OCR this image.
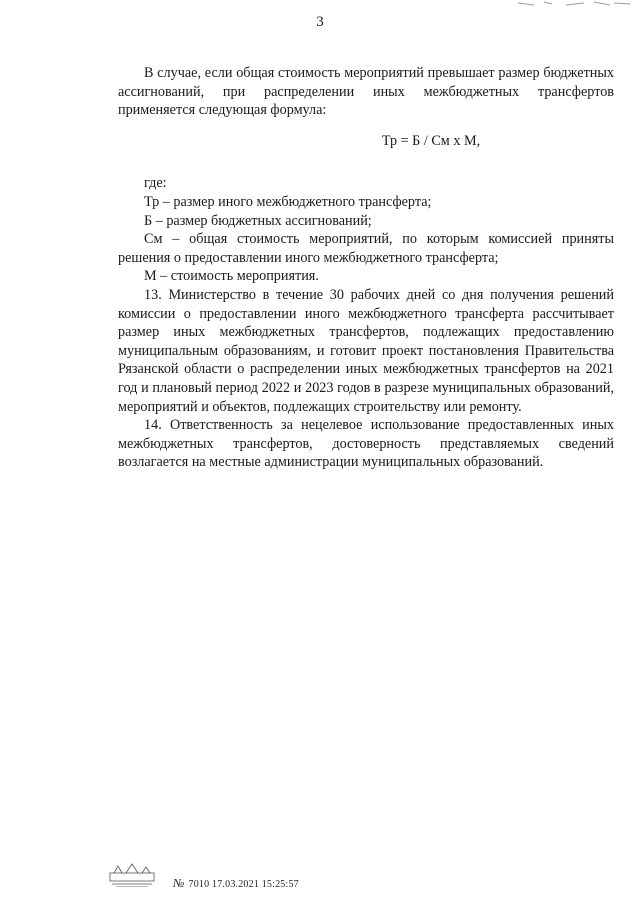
3

В случае, если общая стоимость мероприятий превышает размер бюджетных ассигнований, при распределении иных межбюджетных трансфертов применяется следующая формула:

Тр = Б / См х М,

где:

Тр – размер иного межбюджетного трансферта;

Б – размер бюджетных ассигнований;

См – общая стоимость мероприятий, по которым комиссией приняты решения о предоставлении иного межбюджетного трансферта;

М – стоимость мероприятия.

13. Министерство в течение 30 рабочих дней со дня получения решений комиссии о предоставлении иного межбюджетного трансферта рассчитывает размер иных межбюджетных трансфертов, подлежащих предоставлению муниципальным образованиям, и готовит проект постановления Правительства Рязанской области о распределении иных межбюджетных трансфертов на 2021 год и плановый период 2022 и 2023 годов в разрезе муниципальных образований, мероприятий и объектов, подлежащих строительству или ремонту.

14. Ответственность за нецелевое использование предоставленных иных межбюджетных трансфертов, достоверность представляемых сведений возлагается на местные администрации муниципальных образований.

№ 7010 17.03.2021 15:25:57
